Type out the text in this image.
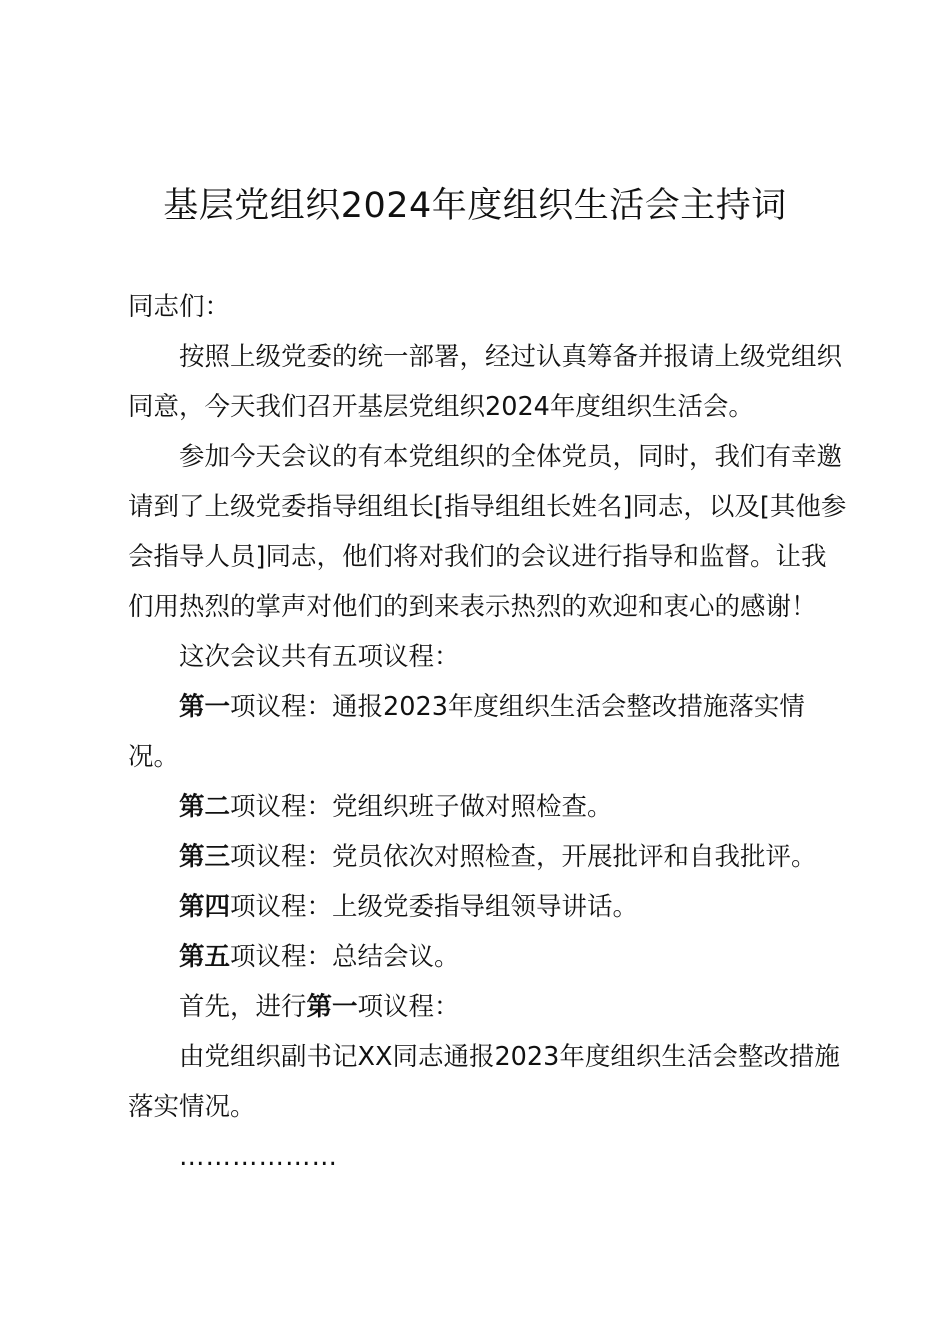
基层党组织2024年度组织生活会主持词

同志们：

按照上级党委的统一部署，经过认真筹备并报请上级党组织同意，今天我们召开基层党组织2024年度组织生活会。

参加今天会议的有本党组织的全体党员，同时，我们有幸邀请到了上级党委指导组组长[指导组组长姓名]同志，以及[其他参会指导人员]同志，他们将对我们的会议进行指导和监督。让我们用热烈的掌声对他们的到来表示热烈的欢迎和衷心的感谢！

这次会议共有五项议程：

第一项议程：通报2023年度组织生活会整改措施落实情况。

第二项议程：党组织班子做对照检查。

第三项议程：党员依次对照检查，开展批评和自我批评。

第四项议程：上级党委指导组领导讲话。

第五项议程：总结会议。

首先，进行第一项议程：

由党组织副书记XX同志通报2023年度组织生活会整改措施落实情况。

………………
